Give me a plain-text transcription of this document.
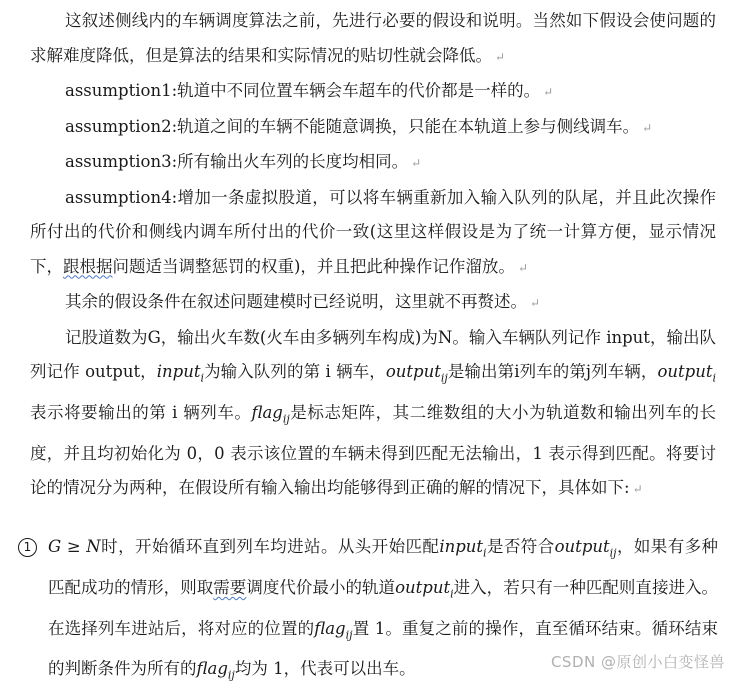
这叙述侧线内的车辆调度算法之前，先进行必要的假设和说明。当然如下假设会使问题的求解难度降低，但是算法的结果和实际情况的贴切性就会降低。 ↵

assumption1:轨道中不同位置车辆会车超车的代价都是一样的。 ↵

assumption2:轨道之间的车辆不能随意调换，只能在本轨道上参与侧线调车。 ↵

assumption3:所有输出火车列的长度均相同。 ↵

assumption4:增加一条虚拟股道，可以将车辆重新加入输入队列的队尾，并且此次操作所付出的代价和侧线内调车所付出的代价一致(这里这样假设是为了统一计算方便，显示情况下，跟根据问题适当调整惩罚的权重)，并且把此种操作记作溜放。 ↵

其余的假设条件在叙述问题建模时已经说明，这里就不再赘述。 ↵

记股道数为G，输出火车数(火车由多辆列车构成)为N。输入车辆队列记作 input，输出队列记作 output，input$_i$为输入队列的第 i 辆车，output$_{ij}$是输出第i列车的第j列车辆，output$_i$表示将要输出的第 i 辆列车。flag$_{ij}$是标志矩阵，其二维数组的大小为轨道数和输出列车的长度，并且均初始化为 0，0 表示该位置的车辆未得到匹配无法输出，1 表示得到匹配。将要讨论的情况分为两种，在假设所有输入输出均能够得到正确的解的情况下，具体如下: ↵

1	G ≥ N时，开始循环直到列车均进站。从头开始匹配input$_i$是否符合output$_{ij}$，如果有多种匹配成功的情形，则取需要调度代价最小的轨道output$_i$进入，若只有一种匹配则直接进入。在选择列车进站后，将对应的位置的flag$_{ij}$置 1。重复之前的操作，直至循环结束。循环结束的判断条件为所有的flag$_{ij}$均为 1，代表可以出车。	CSDN @原创小白变怪兽
